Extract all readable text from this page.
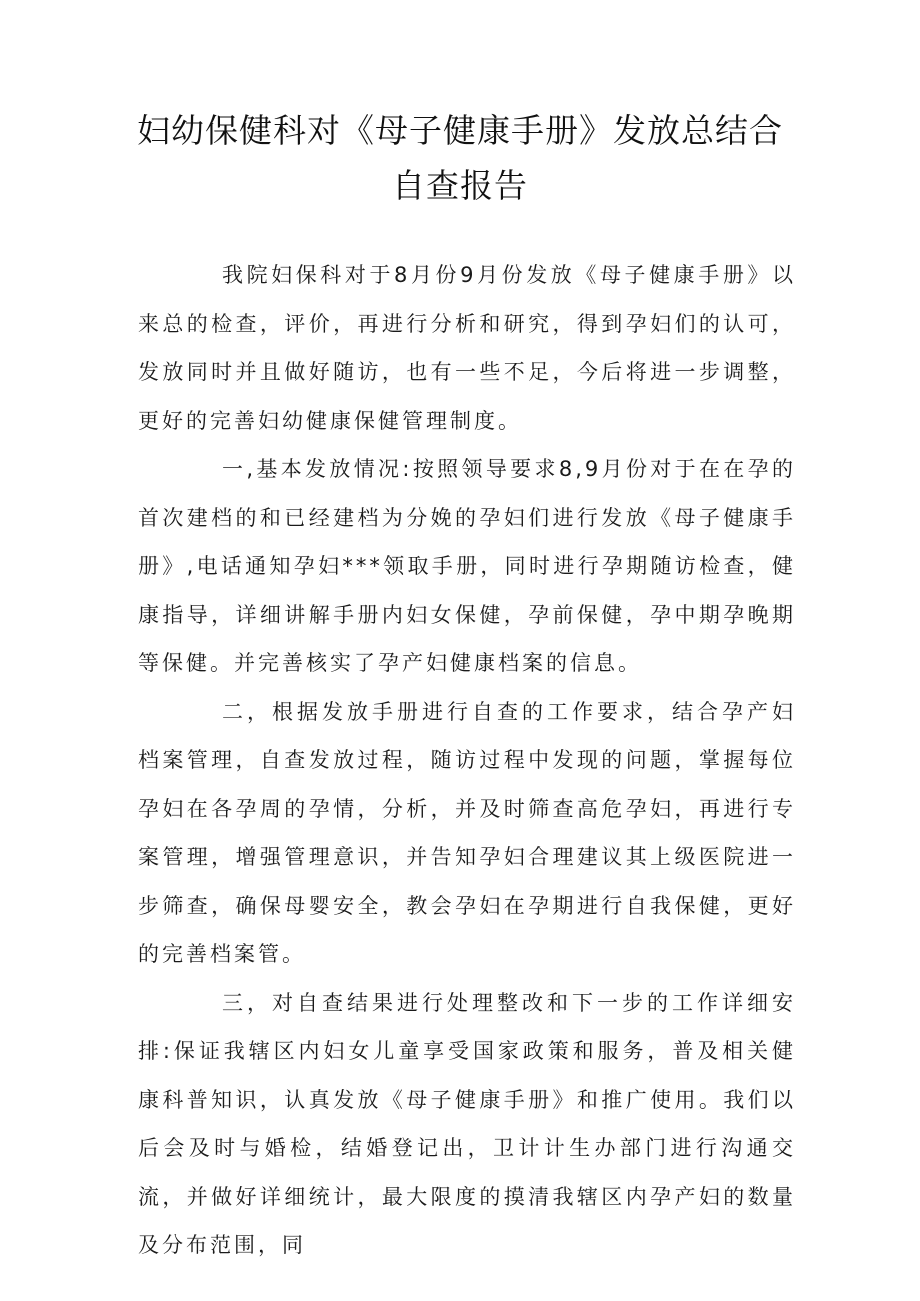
妇幼保健科对《母子健康手册》发放总结合
自查报告

我院妇保科对于8月份9月份发放《母子健康手册》以来总的检查，评价，再进行分析和研究，得到孕妇们的认可，发放同时并且做好随访，也有一些不足，今后将进一步调整，更好的完善妇幼健康保健管理制度。

一,基本发放情况:按照领导要求8,9月份对于在在孕的首次建档的和已经建档为分娩的孕妇们进行发放《母子健康手册》,电话通知孕妇***领取手册，同时进行孕期随访检查，健康指导，详细讲解手册内妇女保健，孕前保健，孕中期孕晚期等保健。并完善核实了孕产妇健康档案的信息。

二，根据发放手册进行自查的工作要求，结合孕产妇档案管理，自查发放过程，随访过程中发现的问题，掌握每位孕妇在各孕周的孕情，分析，并及时筛查高危孕妇，再进行专案管理，增强管理意识，并告知孕妇合理建议其上级医院进一步筛查，确保母婴安全，教会孕妇在孕期进行自我保健，更好的完善档案管。

三，对自查结果进行处理整改和下一步的工作详细安排:保证我辖区内妇女儿童享受国家政策和服务，普及相关健康科普知识，认真发放《母子健康手册》和推广使用。我们以后会及时与婚检，结婚登记出，卫计计生办部门进行沟通交流，并做好详细统计，最大限度的摸清我辖区内孕产妇的数量及分布范围，同
